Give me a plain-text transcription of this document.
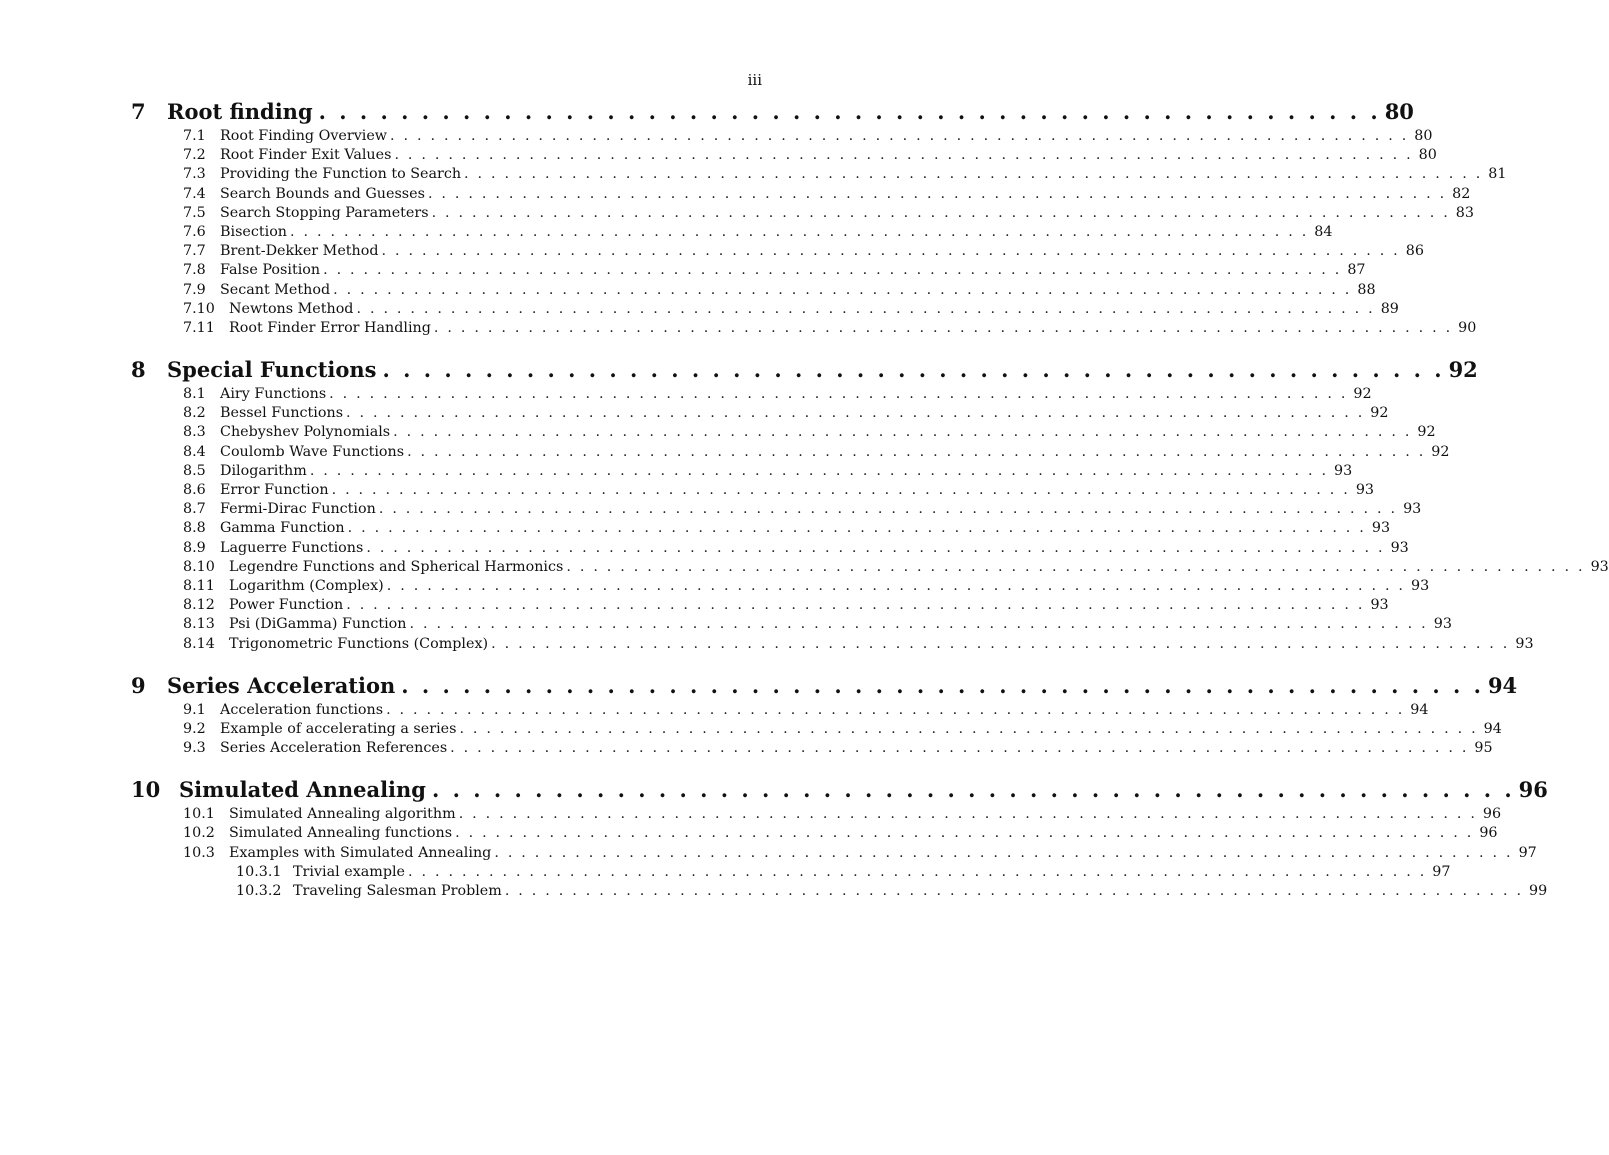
iii
7	Root finding . . . . . . . . . . . . . . . . . . . . . . . . . . . . . . . . . . . . . . . . . . . . . . . . . . . . 80
7.1 Root Finding Overview . . . . . . . . . . . . . . . . . . . . . . . . . . . . . . . . . . . . . . . . . . . . . . . . . . . . . . . . . . . . . . . . . . . . . . . . . . . . 80
7.2 Root Finder Exit Values . . . . . . . . . . . . . . . . . . . . . . . . . . . . . . . . . . . . . . . . . . . . . . . . . . . . . . . . . . . . . . . . . . . . . . . . . . . . 80
7.3 Providing the Function to Search . . . . . . . . . . . . . . . . . . . . . . . . . . . . . . . . . . . . . . . . . . . . . . . . . . . . . . . . . . . . . . . . . . . . . . . . . . . . 81
7.4 Search Bounds and Guesses . . . . . . . . . . . . . . . . . . . . . . . . . . . . . . . . . . . . . . . . . . . . . . . . . . . . . . . . . . . . . . . . . . . . . . . . . . . . 82
7.5 Search Stopping Parameters . . . . . . . . . . . . . . . . . . . . . . . . . . . . . . . . . . . . . . . . . . . . . . . . . . . . . . . . . . . . . . . . . . . . . . . . . . . . 83
7.6 Bisection . . . . . . . . . . . . . . . . . . . . . . . . . . . . . . . . . . . . . . . . . . . . . . . . . . . . . . . . . . . . . . . . . . . . . . . . . . . . 84
7.7 Brent-Dekker Method . . . . . . . . . . . . . . . . . . . . . . . . . . . . . . . . . . . . . . . . . . . . . . . . . . . . . . . . . . . . . . . . . . . . . . . . . . . . 86
7.8 False Position . . . . . . . . . . . . . . . . . . . . . . . . . . . . . . . . . . . . . . . . . . . . . . . . . . . . . . . . . . . . . . . . . . . . . . . . . . . . 87
7.9 Secant Method . . . . . . . . . . . . . . . . . . . . . . . . . . . . . . . . . . . . . . . . . . . . . . . . . . . . . . . . . . . . . . . . . . . . . . . . . . . . 88
7.10 Newtons Method . . . . . . . . . . . . . . . . . . . . . . . . . . . . . . . . . . . . . . . . . . . . . . . . . . . . . . . . . . . . . . . . . . . . . . . . . . . . 89
7.11 Root Finder Error Handling . . . . . . . . . . . . . . . . . . . . . . . . . . . . . . . . . . . . . . . . . . . . . . . . . . . . . . . . . . . . . . . . . . . . . . . . . . . . 90
8	Special Functions . . . . . . . . . . . . . . . . . . . . . . . . . . . . . . . . . . . . . . . . . . . . . . . . . . . . 92
8.1 Airy Functions . . . . . . . . . . . . . . . . . . . . . . . . . . . . . . . . . . . . . . . . . . . . . . . . . . . . . . . . . . . . . . . . . . . . . . . . . . . . 92
8.2 Bessel Functions . . . . . . . . . . . . . . . . . . . . . . . . . . . . . . . . . . . . . . . . . . . . . . . . . . . . . . . . . . . . . . . . . . . . . . . . . . . . 92
8.3 Chebyshev Polynomials . . . . . . . . . . . . . . . . . . . . . . . . . . . . . . . . . . . . . . . . . . . . . . . . . . . . . . . . . . . . . . . . . . . . . . . . . . . . 92
8.4 Coulomb Wave Functions . . . . . . . . . . . . . . . . . . . . . . . . . . . . . . . . . . . . . . . . . . . . . . . . . . . . . . . . . . . . . . . . . . . . . . . . . . . . 92
8.5 Dilogarithm . . . . . . . . . . . . . . . . . . . . . . . . . . . . . . . . . . . . . . . . . . . . . . . . . . . . . . . . . . . . . . . . . . . . . . . . . . . . 93
8.6 Error Function . . . . . . . . . . . . . . . . . . . . . . . . . . . . . . . . . . . . . . . . . . . . . . . . . . . . . . . . . . . . . . . . . . . . . . . . . . . . 93
8.7 Fermi-Dirac Function . . . . . . . . . . . . . . . . . . . . . . . . . . . . . . . . . . . . . . . . . . . . . . . . . . . . . . . . . . . . . . . . . . . . . . . . . . . . 93
8.8 Gamma Function . . . . . . . . . . . . . . . . . . . . . . . . . . . . . . . . . . . . . . . . . . . . . . . . . . . . . . . . . . . . . . . . . . . . . . . . . . . . 93
8.9 Laguerre Functions . . . . . . . . . . . . . . . . . . . . . . . . . . . . . . . . . . . . . . . . . . . . . . . . . . . . . . . . . . . . . . . . . . . . . . . . . . . . 93
8.10 Legendre Functions and Spherical Harmonics . . . . . . . . . . . . . . . . . . . . . . . . . . . . . . . . . . . . . . . . . . . . . . . . . . . . . . . . . . . . . . . . . . . . . . . . . . . . 93
8.11 Logarithm (Complex) . . . . . . . . . . . . . . . . . . . . . . . . . . . . . . . . . . . . . . . . . . . . . . . . . . . . . . . . . . . . . . . . . . . . . . . . . . . . 93
8.12 Power Function . . . . . . . . . . . . . . . . . . . . . . . . . . . . . . . . . . . . . . . . . . . . . . . . . . . . . . . . . . . . . . . . . . . . . . . . . . . . 93
8.13 Psi (DiGamma) Function . . . . . . . . . . . . . . . . . . . . . . . . . . . . . . . . . . . . . . . . . . . . . . . . . . . . . . . . . . . . . . . . . . . . . . . . . . . . 93
8.14 Trigonometric Functions (Complex) . . . . . . . . . . . . . . . . . . . . . . . . . . . . . . . . . . . . . . . . . . . . . . . . . . . . . . . . . . . . . . . . . . . . . . . . . . . . 93
9	Series Acceleration . . . . . . . . . . . . . . . . . . . . . . . . . . . . . . . . . . . . . . . . . . . . . . . . . . . . . 94
9.1 Acceleration functions . . . . . . . . . . . . . . . . . . . . . . . . . . . . . . . . . . . . . . . . . . . . . . . . . . . . . . . . . . . . . . . . . . . . . . . . . . . . 94
9.2 Example of accelerating a series . . . . . . . . . . . . . . . . . . . . . . . . . . . . . . . . . . . . . . . . . . . . . . . . . . . . . . . . . . . . . . . . . . . . . . . . . . . . 94
9.3 Series Acceleration References . . . . . . . . . . . . . . . . . . . . . . . . . . . . . . . . . . . . . . . . . . . . . . . . . . . . . . . . . . . . . . . . . . . . . . . . . . . . 95
10 Simulated Annealing . . . . . . . . . . . . . . . . . . . . . . . . . . . . . . . . . . . . . . . . . . . . . . . . . . . . . 96
10.1 Simulated Annealing algorithm . . . . . . . . . . . . . . . . . . . . . . . . . . . . . . . . . . . . . . . . . . . . . . . . . . . . . . . . . . . . . . . . . . . . . . . . . . . . 96
10.2 Simulated Annealing functions . . . . . . . . . . . . . . . . . . . . . . . . . . . . . . . . . . . . . . . . . . . . . . . . . . . . . . . . . . . . . . . . . . . . . . . . . . . . 96
10.3 Examples with Simulated Annealing . . . . . . . . . . . . . . . . . . . . . . . . . . . . . . . . . . . . . . . . . . . . . . . . . . . . . . . . . . . . . . . . . . . . . . . . . . . . 97
10.3.1 Trivial example . . . . . . . . . . . . . . . . . . . . . . . . . . . . . . . . . . . . . . . . . . . . . . . . . . . . . . . . . . . . . . . . . . . . . . . . . . . . 97
10.3.2 Traveling Salesman Problem . . . . . . . . . . . . . . . . . . . . . . . . . . . . . . . . . . . . . . . . . . . . . . . . . . . . . . . . . . . . . . . . . . . . . . . . . . . . 99
